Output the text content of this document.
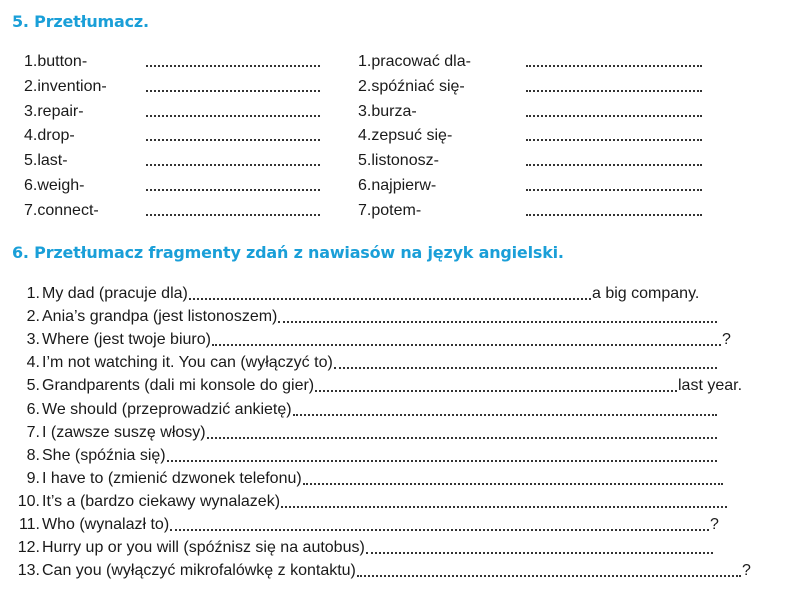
5. Przetłumacz.
1.button-
2.invention-
3.repair-
4.drop-
5.last-
6.weigh-
7.connect-
1.pracować dla-
2.spóźniać się-
3.burza-
4.zepsuć się-
5.listonosz-
6.najpierw-
7.potem-
6. Przetłumacz fragmenty zdań z nawiasów na język angielski.
1. My dad (pracuje dla)	a big company.
2. Ania’s grandpa (jest listonoszem)
3. Where (jest twoje biuro)	?
4. I’m not watching it. You can (wyłączyć to)
5. Grandparents (dali mi konsole do gier)	last year.
6. We should (przeprowadzić ankietę)
7. I (zawsze suszę włosy)
8. She (spóźnia się)
9. I have to (zmienić dzwonek telefonu)
10. It’s a (bardzo ciekawy wynalazek)
11. Who (wynalazł to)	?
12. Hurry up or you will (spóźnisz się na autobus)
13. Can you (wyłączyć mikrofalówkę z kontaktu)	?
